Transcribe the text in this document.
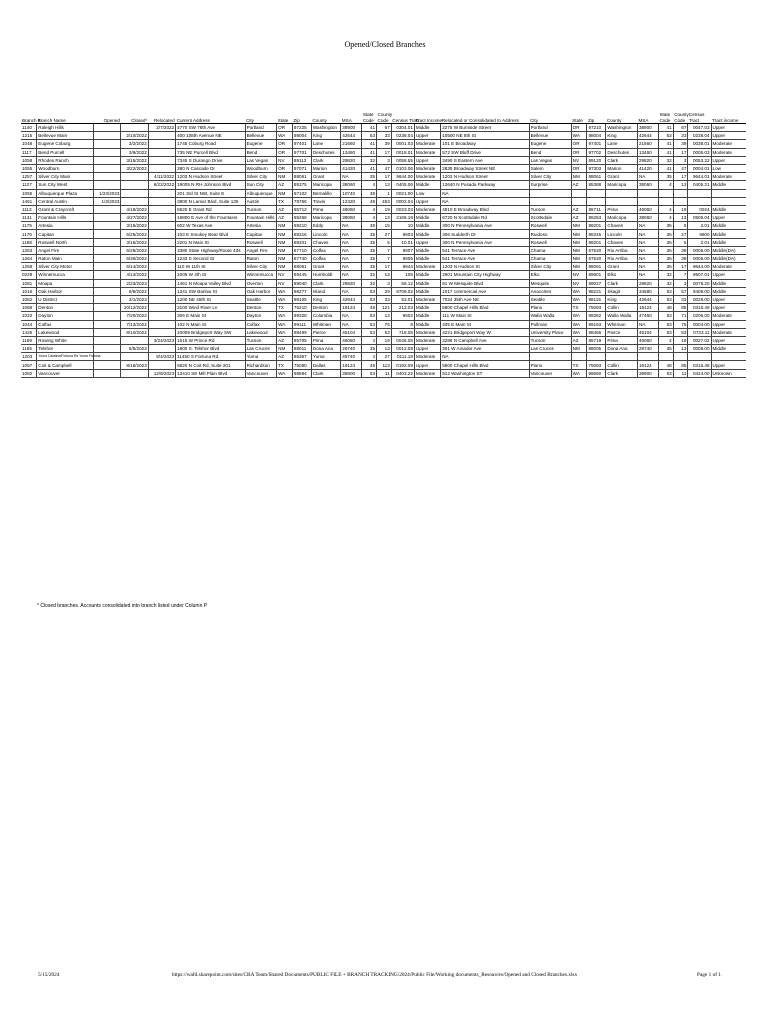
Opened/Closed Branches
Branch #	Branch Name	Opened	Closed*	Relocated	Current Address	City	State	Zip	County	MSA	State
Code	County
Code	Census Tract	Tract Income	Relocated or Consolidated to Address	City	State	Zip	County	MSA	State
Code	County
Code	Census
Tract	Tract income
1140	Raleigh Hills			2/7/2022	4770 SW 78th Ave	Portland	OR	97225	Washington	38900	41	67	0304.01	Middle	2275 W Burnside Street	Portland	OR	97210	Washington	38900	41	67	0047.03	Upper
1215	Bellevue Main		2/10/2022		400 108th Avenue NE	Bellevue	WA	98004	King	42644	53	33	0238.04	Upper	10500 NE 8th St	Bellevue	WA	98004	King	42644	53	33	0238.04	Upper
1048	Eugene Coburg		3/2/2022		1745 Coburg Road	Eugene	OR	97401	Lane	21660	41	39	0001.03	Moderate	101 E Broadway	Eugene	OR	97401	Lane	21660	41	39	0038.01	Moderate
1117	Bend Purcell		3/9/2022		735 NE Purcell Blvd	Bend	OR	97701	Deschutes	13460	41	17	0018.01	Moderate	572 SW Bluff Drive	Bend	OR	97702	Deschutes	13460	41	17	0005.03	Moderate
1058	Rhodes Ranch		3/15/2022		7345 S Durango Drive	Las Vegas	NV	89113	Clark	29820	32	3	0058.55	Upper	3490 S Eastern Ave	Las Vegas	NV	89120	Clark	29820	32	3	0053.22	Upper
1055	Woodburn		3/22/2022		380 N Cascade Dr	Woodburn	OR	97071	Marion	41420	41	47	0103.06	Moderate	2835 Broadway Street NE	Salem	OR	97303	Marion	41420	41	47	0004.01	Low
1257	Silver City Main			4/11/2022	1203 N Hudson Street	Silver City	NM	88061	Grant	NA	35	17	9644.00	Moderate	1203 N Hudson Street	Silver City	NM	88061	Grant	NA	35	17	9644.01	Moderate
1127	Sun City West			6/22/2022	19005 N RH Johnson Blvd	Sun City	AZ	85375	Maricopa	38060	4	13	0405.06	Middle	13640 N Pusada Parkway	Surprise	AZ	85388	Maricopa	38060	4	13	0405.21	Middle
1065	Albuquerque Plaza	1/23/2023			201 3rd St NW, Suite E	Albuquerque	NM	87102	Bernalillo	10740	35	1	0021.00	Low	NA									
1461	Central Austin	1/3/2023			3800 N Lamar Blvd, Suite 135	Austin	TX	78756	Travis	12420	48	453	0002.04	Upper	NA									
1113	Grant & Craycroft		4/18/2022		5520 E Grant Rd	Tucson	AZ	85712	Pima	46060	4	19	0023.03	Moderate	4810 E Broadway Blvd	Tucson	AZ	85711	Pima	46060	4	19	0024	Middle
1141	Fountain Hills		4/27/2022		16800 E Ave of the Fountains	Fountain Hills	AZ	85268	Maricopa	38060	4	13	2168.18	Middle	6720 N Scottsdale Rd	Scottsdale	AZ	85253	Maricopa	38060	4	13	0506.04	Upper
1175	Artesia		3/15/2022		602 W Texas Ave	Artesia	NM	88210	Eddy	NA	35	15	10	Middle	300 N Pennsylvania Ave	Roswell	NM	88201	Chaves	NA	35	5	2.01	Middle
1176	Capitan		6/25/2022		103 E Smokey Bear Blvd	Capitan	NM	88316	Lincoln	NA	35	27	9603	Middle	306 Sudderth Dr	Ruidoso	NM	88345	Lincoln	NA	35	27	9600	Middle
1188	Roswell North		3/15/2022		2201 N Main St	Roswell	NM	88201	Chaves	NA	35	5	10.01	Upper	300 N Pennsylvania Ave	Roswell	NM	88201	Chaves	NA	35	5	2.01	Middle
1263	Angel Fire		6/28/2022		3380 State Highway/Route 434	Angel Fire	NM	87710	Colfax	NA	35	7	9507	Middle	541 Terrace Ave	Chama	NM	87520	Rio Arriba	NA	35	39	0005.00	Middle(DA)
1264	Raton Main		6/30/2022		1233 S Second St	Raton	NM	87740	Colfax	NA	35	7	9505	Middle	541 Terrace Ave	Chama	NM	87520	Rio Arriba	NA	35	39	0005.00	Middle(DA)
1258	Silver City Motor		6/14/2022		110 W 11th St	Silver City	NM	88061	Grant	NA	35	17	9644	Moderate	1203 N Hudson St	Silver City	NM	88061	Grant	NA	35	17	9644.00	Moderate
0229	Winnemucca		4/13/2022		1005 W 4th St	Winnemucca	NV	89445	Humboldt	NA	32	13	105	Middle	2901 Mountain City Highway	Elko	NV	89801	Elko	NA	32	7	9507.01	Upper
1081	Moapa		2/23/2023		1461 N Moapa Valley Blvd	Overton	NV	89040	Clark	29820	32	3	56.12	Middle	91 W Mesquite Blvd	Mesquite	NV	89027	Clark	29820	32	3	0078.20	Middle
1016	Oak Harbor		6/9/2022		1341 SW Barlow St	Oak Harbor	WA	98277	Island	NA	53	29	9708.02	Middle	1017 commercial Ave	Anacortes	WA	98221	Skagit	34580	53	57	9408.00	Middle
1062	U District		3/1/2023		1200 NE 45th St	Seattle	WA	98105	King	42644	53	33	53.01	Moderate	7024 35th Ave NE	Seattle	WA	98115	King	42644	53	33	0028.00	Upper
1068	Denton		10/12/2022		3100 Wind River Ln	Denton	TX	76210	Denton	19124	48	121	213.03	Middle	5800 Chapel Hills Blvd	Plano	TX	75093	Collin	19124	48	85	0316.48	Upper
1022	Dayton		7/20/2022		306 E Main St	Dayton	WA	99328	Columbia	NA	53	13	9602	Middle	111 W Main St	Walla Walla	WA	99362	Walla Walla	47460	53	71	0206.00	Moderate
1044	Colfax		7/13/2022		102 N Main St	Colfax	WA	99111	Whitman	NA	53	75	8	Middle	405 E Main St	Pullman	WA	99163	Whitman	NA	53	75	0004.00	Upper
1425	Lakewood		8/10/2022		10009 Bridgeport Way SW	Lakewood	WA	98499	Pierce	45104	53	53	718.05	Moderate	4221 Bridgeport Way W	University Place	WA	98466	Pierce	45104	53	53	0723.11	Moderate
1159	Rowing White			3/24/2023	1515 W Prince Rd	Tucson	AZ	85705	Pima	46060	4	19	0046.05	Moderate	3288 N Campbell Ave	Tucson	AZ	85719	Pima	46060	4	19	0027.02	Upper
1165	Telshor		5/5/2023		1800 S. Telshor Blvd	Las Cruces	NM	88011	Dona Ana	29740	35	13	0012.09	Upper	301 W Amador Ave	Las Cruces	NM	88005	Dona Ana	29740	35	13	0008.00	Middle
1203	Yuma Catalina/Fortuna Rd Yuma Fortuna			8/4/2023	11450 S Fortuna Rd	Yuma	AZ	85367	Yuma	49740	4	27	0111.18	Moderate	NA									
1067	Coit & Campbell		8/18/2023		6820 N Coit Rd, Suite 201	Richardson	TX	75080	Dallas	19124	48	113	0192.09	Upper	5800 Chapel Hills Blvd	Plano	TX	75093	Collin	19124	48	85	0316.48	Upper
1082	Vancouver			12/8/2023	13410 SE Mill Plain Blvd	Vancouver	WA	98684	Clark	38900	53	11	0403.22	Moderate	912 Washington ST	Vancouver	WA	98660	Clark	38900	53	11	0424.00	Unknown
* Closed branches. Accounts consolidated into branch listed under Column P
5/15/2024	https://wafd.sharepoint.com/sites/CRA Team/Shared Documents/PUBLIC FILE + BRANCH TRACKING/2024/Public File/Working documents_Resources/Opened and Closed Branches.xlsx	Page 1 of 1
